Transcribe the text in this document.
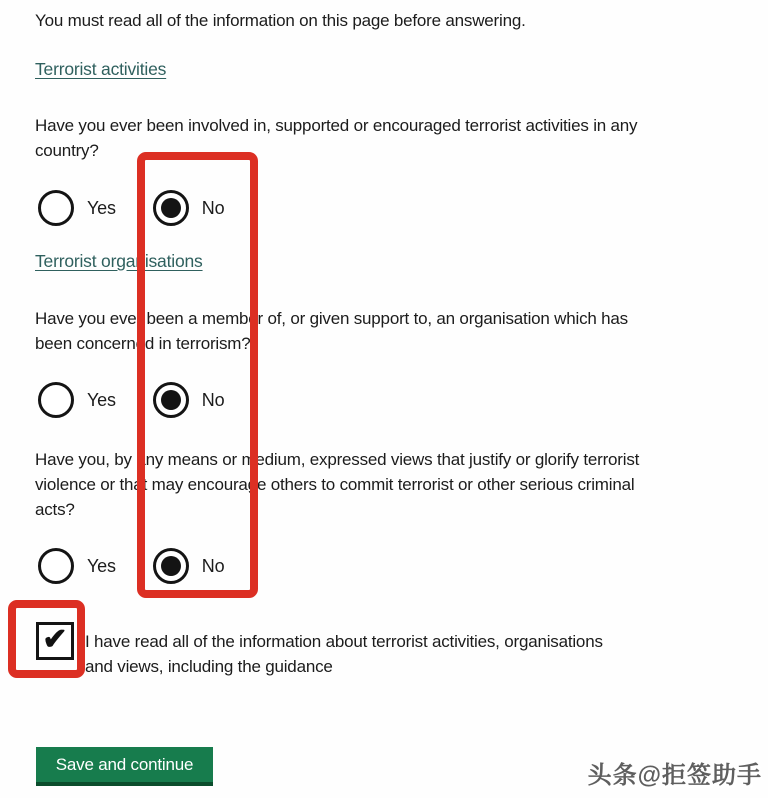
You must read all of the information on this page before answering.

Terrorist activities
Have you ever been involved in, supported or encouraged terrorist activities in any
country?
Yes	No
Terrorist organisations
Have you ever been a member of, or given support to, an organisation which has
been concerned in terrorism?
Yes	No
Have you, by any means or medium, expressed views that justify or glorify terrorist
violence or that may encourage others to commit terrorist or other serious criminal
acts?
Yes	No
✔ I have read all of the information about terrorist activities, organisations
and views, including the guidance
Save and continue	头条@拒签助手
